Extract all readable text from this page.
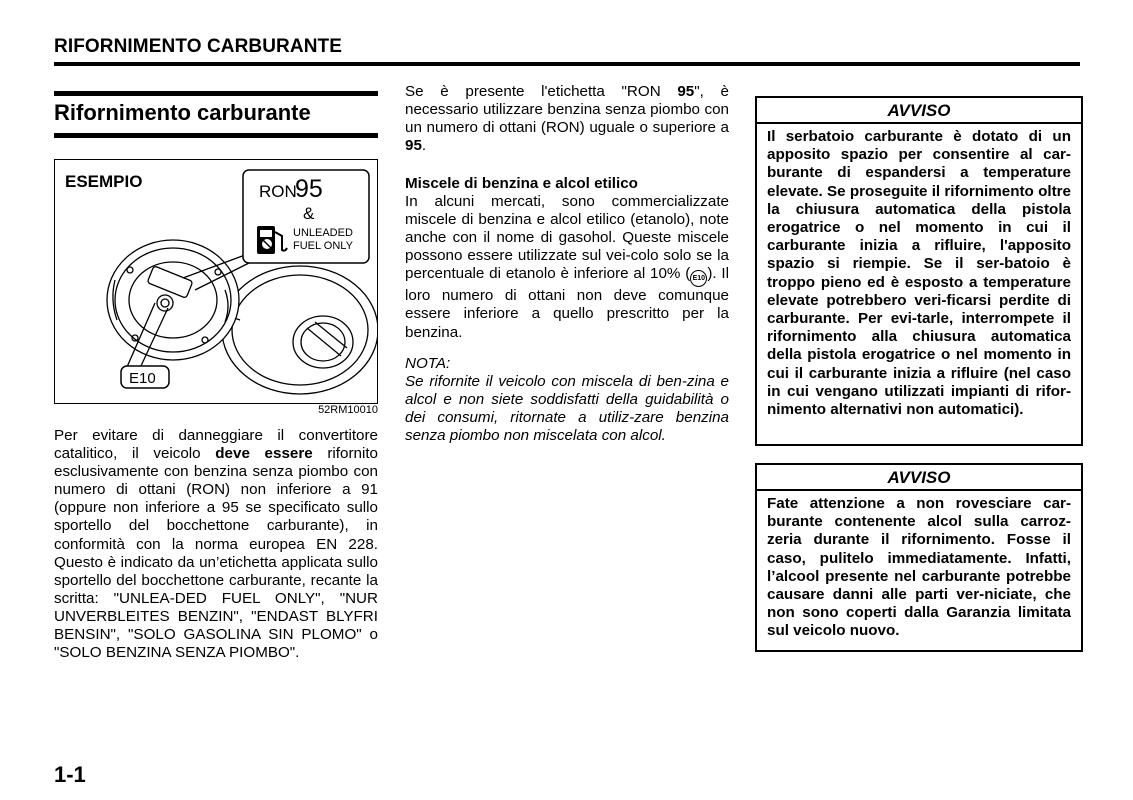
RIFORNIMENTO CARBURANTE
Rifornimento carburante
ESEMPIO
RON
95
&
UNLEADED
FUEL ONLY
E10
52RM10010

Per evitare di danneggiare il convertitore catalitico, il veicolo deve essere rifornito esclusivamente con benzina senza piombo con numero di ottani (RON) non inferiore a 91 (oppure non inferiore a 95 se specificato sullo sportello del bocchettone carburante), in conformità con la norma europea EN 228. Questo è indicato da un’etichetta applicata sullo sportello del bocchettone carburante, recante la scritta: "UNLEA-DED FUEL ONLY", "NUR UNVERBLEITES BENZIN", "ENDAST BLYFRI BENSIN", "SOLO GASOLINA SIN PLOMO" o "SOLO BENZINA SENZA PIOMBO".

Se è presente l'etichetta "RON 95", è necessario utilizzare benzina senza piombo con un numero di ottani (RON) uguale o superiore a 95.

Miscele di benzina e alcol etilico

In alcuni mercati, sono commercializzate miscele di benzina e alcol etilico (etanolo), note anche con il nome di gasohol. Queste miscele possono essere utilizzate sul vei-colo solo se la percentuale di etanolo è inferiore al 10% ( E10 ). Il loro numero di ottani non deve comunque essere inferiore a quello prescritto per la benzina.

NOTA:

Se rifornite il veicolo con miscela di ben-zina e alcol e non siete soddisfatti della guidabilità o dei consumi, ritornate a utiliz-zare benzina senza piombo non miscelata con alcol.

AVVISO
Il serbatoio carburante è dotato di un apposito spazio per consentire al car-burante di espandersi a temperature elevate. Se proseguite il rifornimento oltre la chiusura automatica della pistola erogatrice o nel momento in cui il carburante inizia a rifluire, l'apposito spazio si riempie. Se il ser-batoio è troppo pieno ed è esposto a temperature elevate potrebbero veri-ficarsi perdite di carburante. Per evi-tarle, interrompete il rifornimento alla chiusura automatica della pistola erogatrice o nel momento in cui il carburante inizia a rifluire (nel caso in cui vengano utilizzati impianti di rifor-nimento alternativi non automatici).
AVVISO
Fate attenzione a non rovesciare car-burante contenente alcol sulla carroz-zeria durante il rifornimento. Fosse il caso, pulitelo immediatamente. Infatti, l’alcool presente nel carburante potrebbe causare danni alle parti ver-niciate, che non sono coperti dalla Garanzia limitata sul veicolo nuovo.
1-1
